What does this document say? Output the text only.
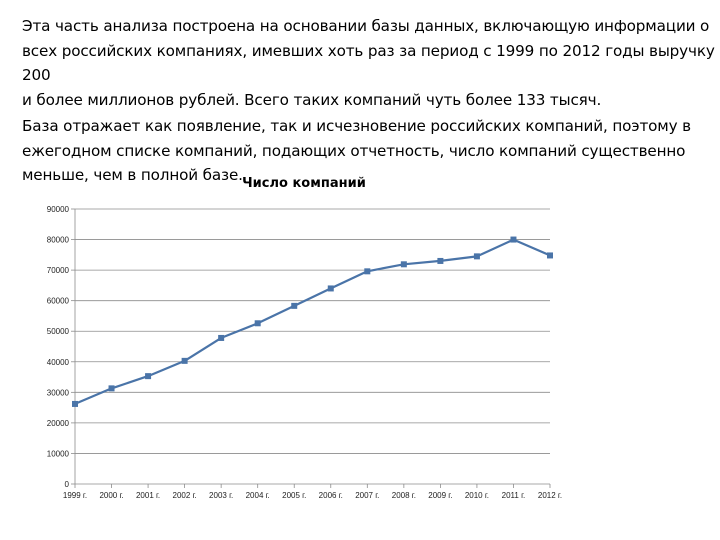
Эта часть анализа построена на основании базы данных, включающую информации о
всех российских компаниях, имевших хоть раз за период с 1999 по 2012 годы выручку 200
и более миллионов рублей. Всего таких компаний чуть более 133 тысяч.

База отражает как появление, так и исчезновение российских компаний, поэтому в
ежегодном списке компаний, подающих отчетность, число компаний существенно
меньше, чем в полной базе. Число компаний
0
10000
20000
30000
40000
50000
60000
70000
80000
90000
1999 г. 2000 г. 2001 г. 2002 г. 2003 г. 2004 г. 2005 г. 2006 г. 2007 г. 2008 г. 2009 г. 2010 г. 2011 г. 2012 г.
